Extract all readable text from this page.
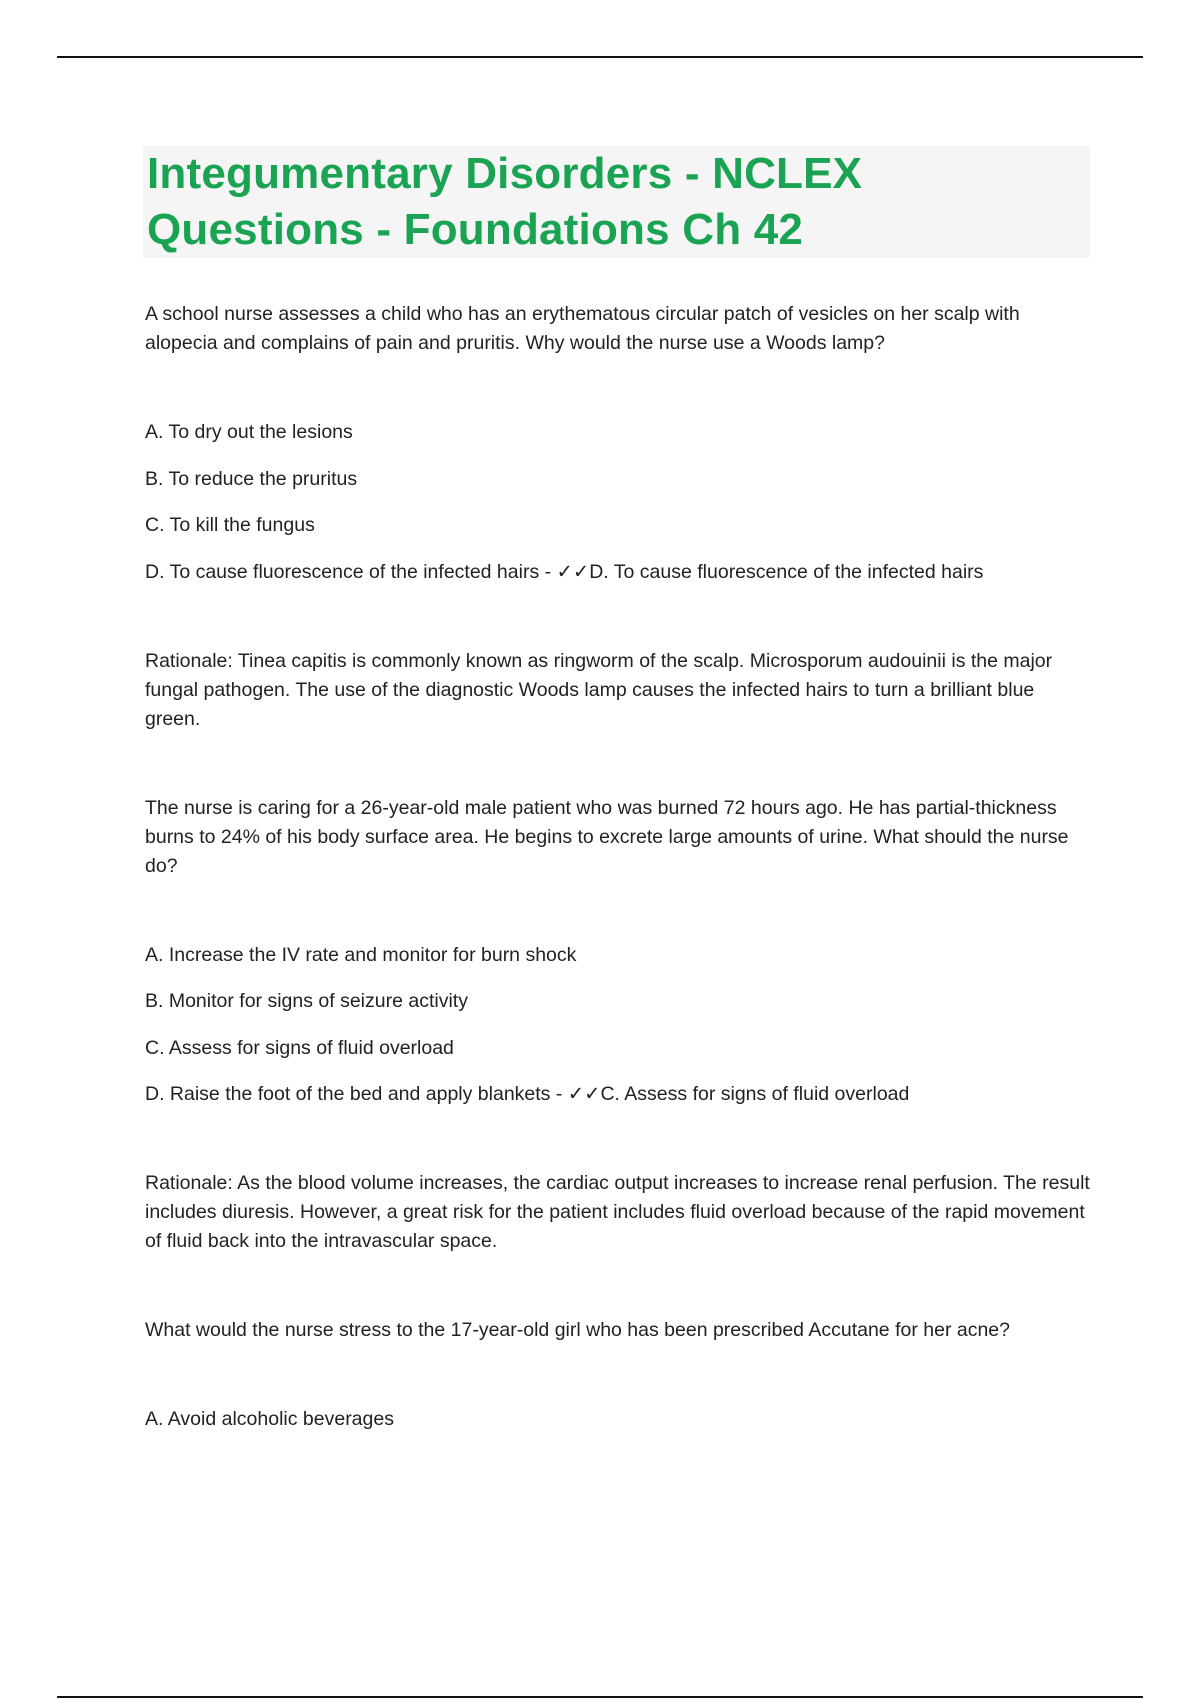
Integumentary Disorders - NCLEX
Questions - Foundations Ch 42

A school nurse assesses a child who has an erythematous circular patch of vesicles on her scalp with alopecia and complains of pain and pruritis. Why would the nurse use a Woods lamp?

A. To dry out the lesions

B. To reduce the pruritus

C. To kill the fungus

D. To cause fluorescence of the infected hairs - ✓✓D. To cause fluorescence of the infected hairs

Rationale: Tinea capitis is commonly known as ringworm of the scalp. Microsporum audouinii is the major fungal pathogen. The use of the diagnostic Woods lamp causes the infected hairs to turn a brilliant blue green.

The nurse is caring for a 26-year-old male patient who was burned 72 hours ago. He has partial-thickness burns to 24% of his body surface area. He begins to excrete large amounts of urine. What should the nurse do?

A. Increase the IV rate and monitor for burn shock

B. Monitor for signs of seizure activity

C. Assess for signs of fluid overload

D. Raise the foot of the bed and apply blankets - ✓✓C. Assess for signs of fluid overload

Rationale: As the blood volume increases, the cardiac output increases to increase renal perfusion. The result includes diuresis. However, a great risk for the patient includes fluid overload because of the rapid movement of fluid back into the intravascular space.

What would the nurse stress to the 17-year-old girl who has been prescribed Accutane for her acne?

A. Avoid alcoholic beverages
